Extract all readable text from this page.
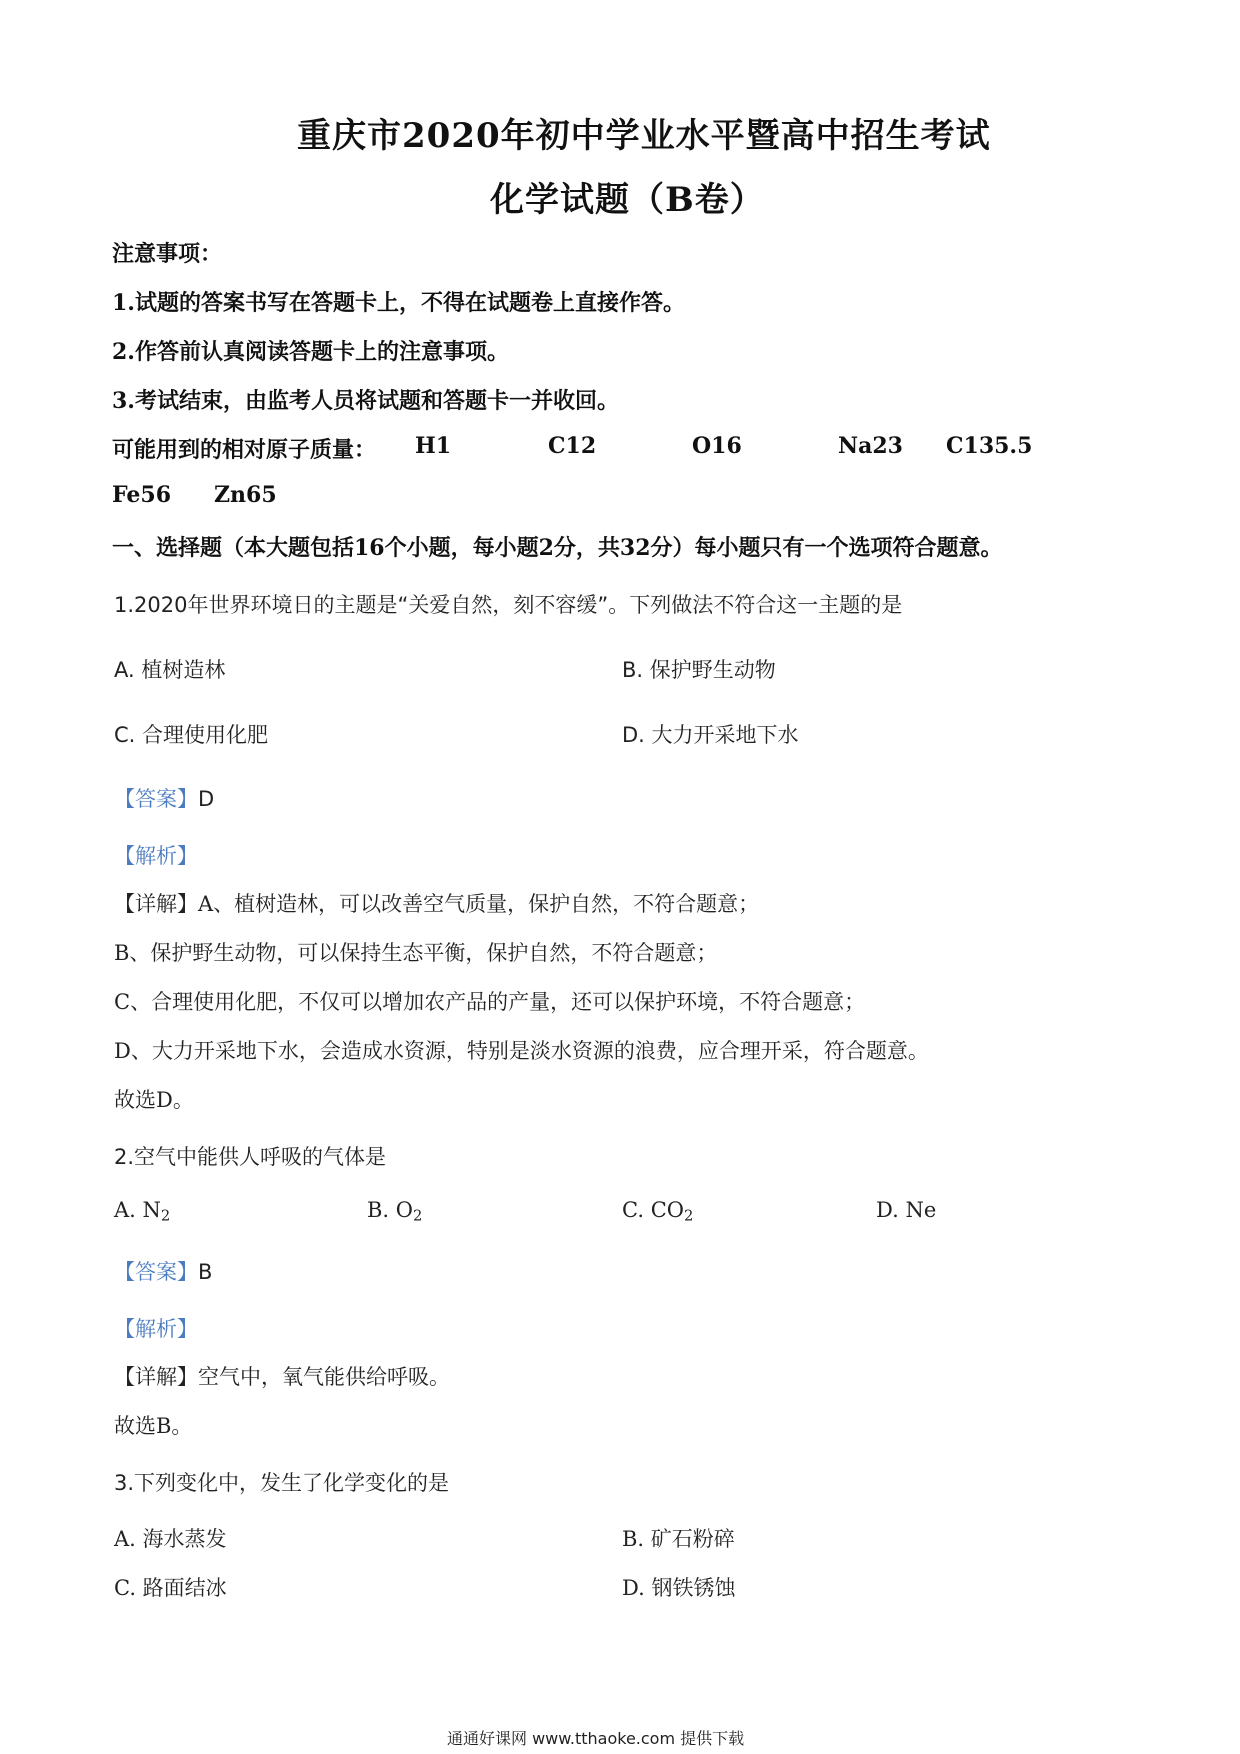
重庆市2020年初中学业水平暨高中招生考试
化学试题（B卷）
注意事项：
1.试题的答案书写在答题卡上，不得在试题卷上直接作答。
2.作答前认真阅读答题卡上的注意事项。
3.考试结束，由监考人员将试题和答题卡一并收回。
可能用到的相对原子质量： H1	C12	O16	Na23 C135.5
Fe56 Zn65
一、选择题（本大题包括16个小题，每小题2分，共32分）每小题只有一个选项符合题意。
1.2020年世界环境日的主题是“关爱自然，刻不容缓”。下列做法不符合这一主题的是
A. 植树造林	B. 保护野生动物
C. 合理使用化肥	D. 大力开采地下水
【答案】D
【解析】
【详解】A、植树造林，可以改善空气质量，保护自然，不符合题意；
B、保护野生动物，可以保持生态平衡，保护自然，不符合题意；
C、合理使用化肥，不仅可以增加农产品的产量，还可以保护环境，不符合题意；
D、大力开采地下水，会造成水资源，特别是淡水资源的浪费，应合理开采，符合题意。
故选D。
2.空气中能供人呼吸的气体是
A. $N_2$	B. $O_2$	C. $CO_2$	D. Ne
【答案】B
【解析】
【详解】空气中，氧气能供给呼吸。
故选B。
3.下列变化中，发生了化学变化的是
A. 海水蒸发	B. 矿石粉碎
C. 路面结冰	D. 钢铁锈蚀
通通好课网 www.tthaoke.com 提供下载
